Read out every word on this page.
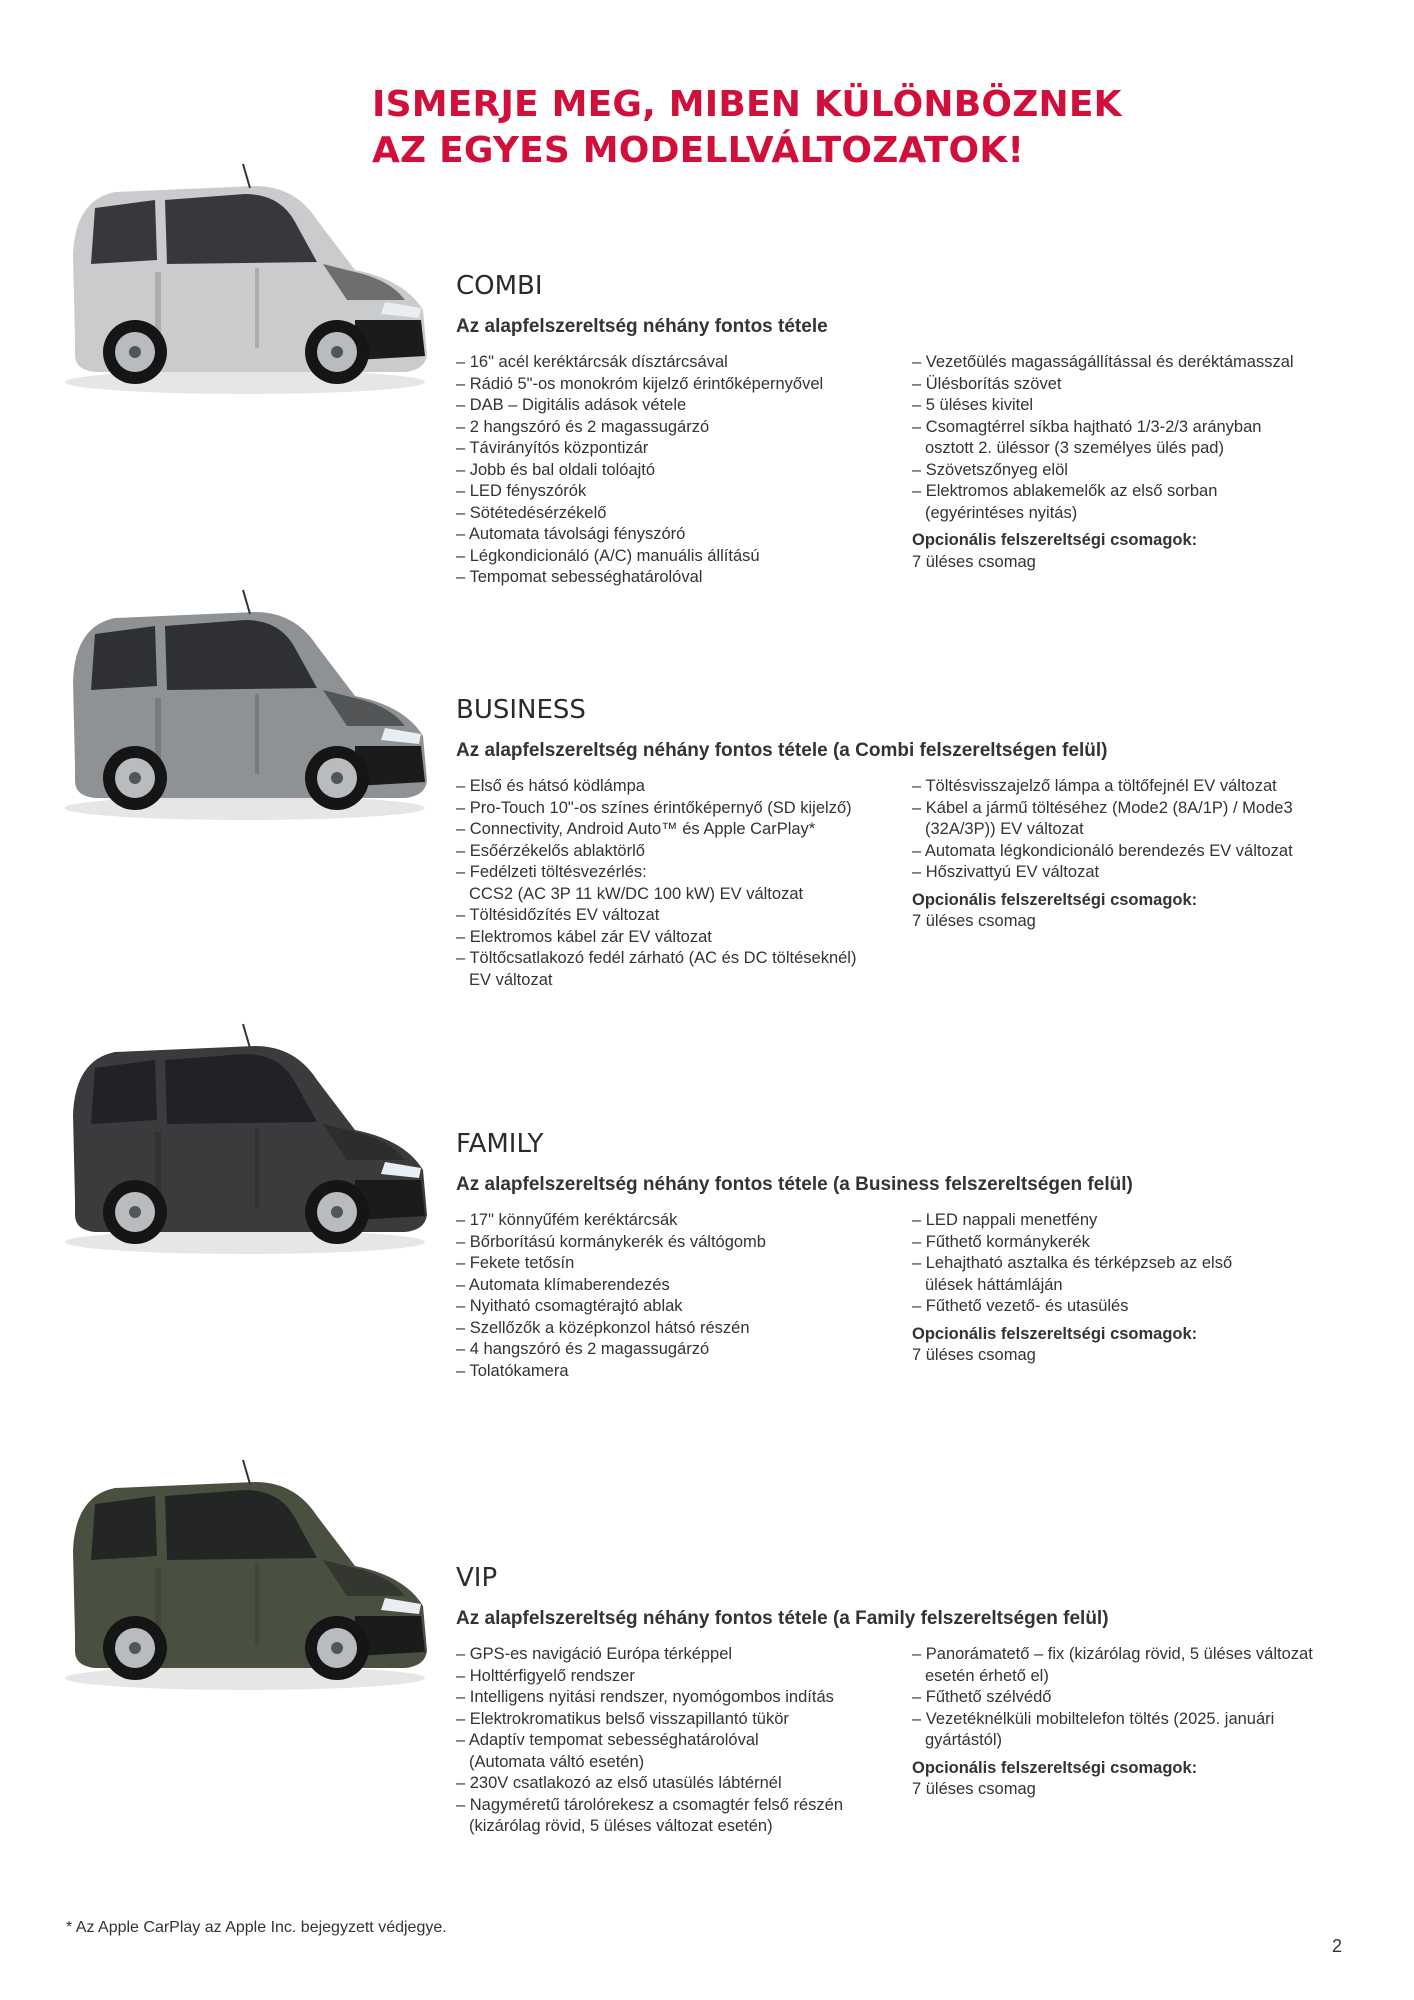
ISMERJE MEG, MIBEN KÜLÖNBÖZNEK
AZ EGYES MODELLVÁLTOZATOK!
COMBI
Az alapfelszereltség néhány fontos tétele
– 16" acél keréktárcsák dísztárcsával
– Rádió 5"-os monokróm kijelző érintőképernyővel
– DAB – Digitális adások vétele
– 2 hangszóró és 2 magassugárzó
– Távirányítós központizár
– Jobb és bal oldali tolóajtó
– LED fényszórók
– Sötétedésérzékelő
– Automata távolsági fényszóró
– Légkondicionáló (A/C) manuális állítású
– Tempomat sebességhatárolóval
– Vezetőülés magasságállítással és deréktámasszal
– Ülésborítás szövet
– 5 üléses kivitel
– Csomagtérrel síkba hajtható 1/3-2/3 arányban
osztott 2. üléssor (3 személyes ülés pad)
– Szövetszőnyeg elöl
– Elektromos ablakemelők az első sorban
(egyérintéses nyitás)
Opcionális felszereltségi csomagok:
7 üléses csomag
BUSINESS
Az alapfelszereltség néhány fontos tétele (a Combi felszereltségen felül)
– Első és hátsó ködlámpa
– Pro-Touch 10"-os színes érintőképernyő (SD kijelző)
– Connectivity, Android Auto™ és Apple CarPlay*
– Esőérzékelős ablaktörlő
– Fedélzeti töltésvezérlés:
CCS2 (AC 3P 11 kW/DC 100 kW) EV változat
– Töltésidőzítés EV változat
– Elektromos kábel zár EV változat
– Töltőcsatlakozó fedél zárható (AC és DC töltéseknél)
EV változat
– Töltésvisszajelző lámpa a töltőfejnél EV változat
– Kábel a jármű töltéséhez (Mode2 (8A/1P) / Mode3
(32A/3P)) EV változat
– Automata légkondicionáló berendezés EV változat
– Hőszivattyú EV változat
Opcionális felszereltségi csomagok:
7 üléses csomag
FAMILY
Az alapfelszereltség néhány fontos tétele (a Business felszereltségen felül)
– 17" könnyűfém keréktárcsák
– Bőrborítású kormánykerék és váltógomb
– Fekete tetősín
– Automata klímaberendezés
– Nyitható csomagtérajtó ablak
– Szellőzők a középkonzol hátsó részén
– 4 hangszóró és 2 magassugárzó
– Tolatókamera
– LED nappali menetfény
– Fűthető kormánykerék
– Lehajtható asztalka és térképzseb az első
ülések háttámláján
– Fűthető vezető- és utasülés
Opcionális felszereltségi csomagok:
7 üléses csomag
VIP
Az alapfelszereltség néhány fontos tétele (a Family felszereltségen felül)
– GPS-es navigáció Európa térképpel
– Holttérfigyelő rendszer
– Intelligens nyitási rendszer, nyomógombos indítás
– Elektrokromatikus belső visszapillantó tükör
– Adaptív tempomat sebességhatárolóval
(Automata váltó esetén)
– 230V csatlakozó az első utasülés lábtérnél
– Nagyméretű tárolórekesz a csomagtér felső részén
(kizárólag rövid, 5 üléses változat esetén)
– Panorámatető – fix (kizárólag rövid, 5 üléses változat
esetén érhető el)
– Fűthető szélvédő
– Vezetéknélküli mobiltelefon töltés (2025. januári
gyártástól)
Opcionális felszereltségi csomagok:
7 üléses csomag
* Az Apple CarPlay az Apple Inc. bejegyzett védjegye.
2
